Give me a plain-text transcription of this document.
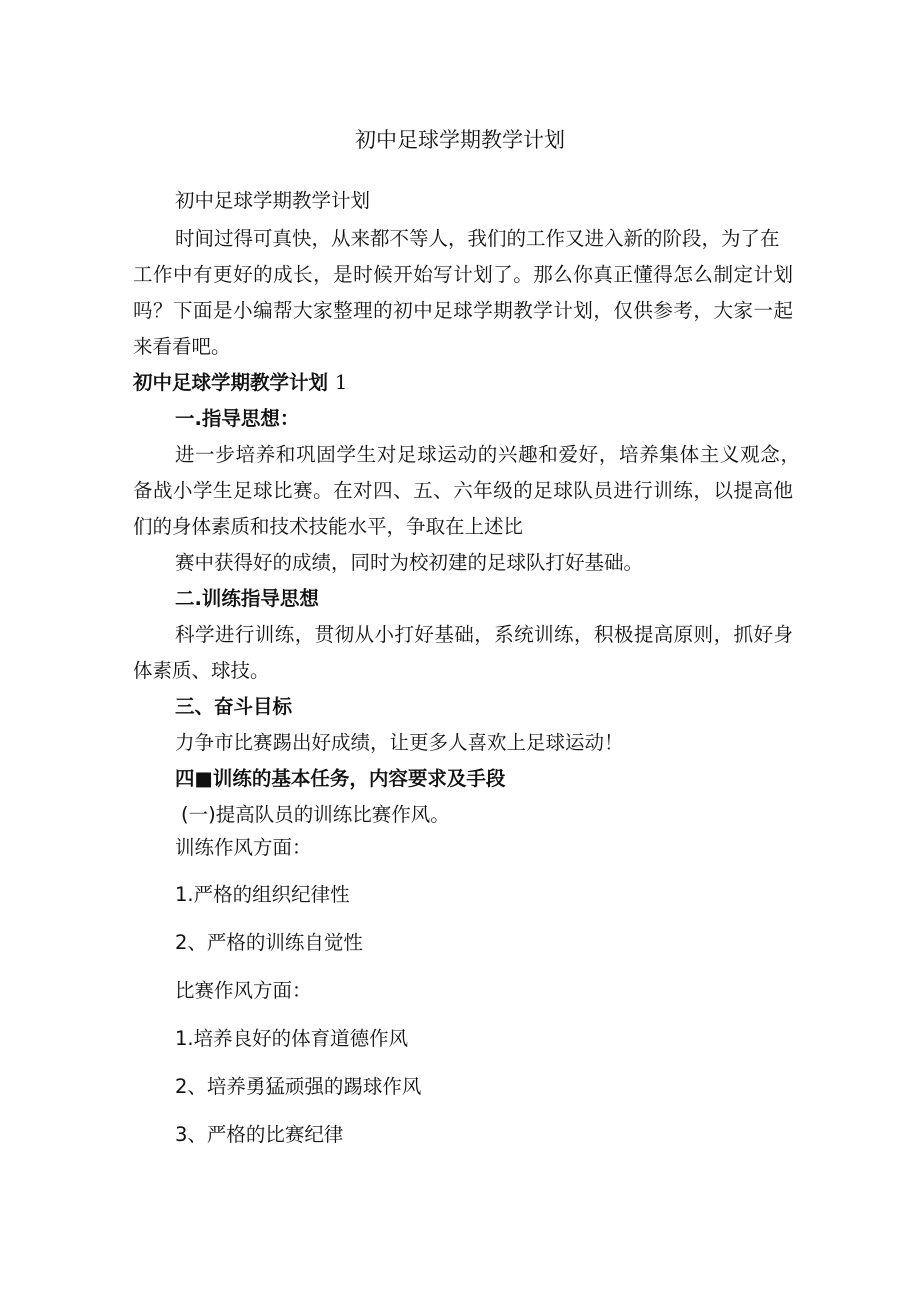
初中足球学期教学计划
初中足球学期教学计划
时间过得可真快，从来都不等人，我们的工作又进入新的阶段，为了在
工作中有更好的成长，是时候开始写计划了。那么你真正懂得怎么制定计划
吗？下面是小编帮大家整理的初中足球学期教学计划，仅供参考，大家一起
来看看吧。
初中足球学期教学计划 1
一.指导思想：
进一步培养和巩固学生对足球运动的兴趣和爱好，培养集体主义观念，
备战小学生足球比赛。在对四、五、六年级的足球队员进行训练，以提高他
们的身体素质和技术技能水平，争取在上述比
赛中获得好的成绩，同时为校初建的足球队打好基础。
二.训练指导思想
科学进行训练，贯彻从小打好基础，系统训练，积极提高原则，抓好身
体素质、球技。
三、奋斗目标
力争市比赛踢出好成绩，让更多人喜欢上足球运动！
四■训练的基本任务，内容要求及手段
(一)提高队员的训练比赛作风。
训练作风方面：
1.严格的组织纪律性
2、严格的训练自觉性
比赛作风方面：
1.培养良好的体育道德作风
2、培养勇猛顽强的踢球作风
3、严格的比赛纪律
